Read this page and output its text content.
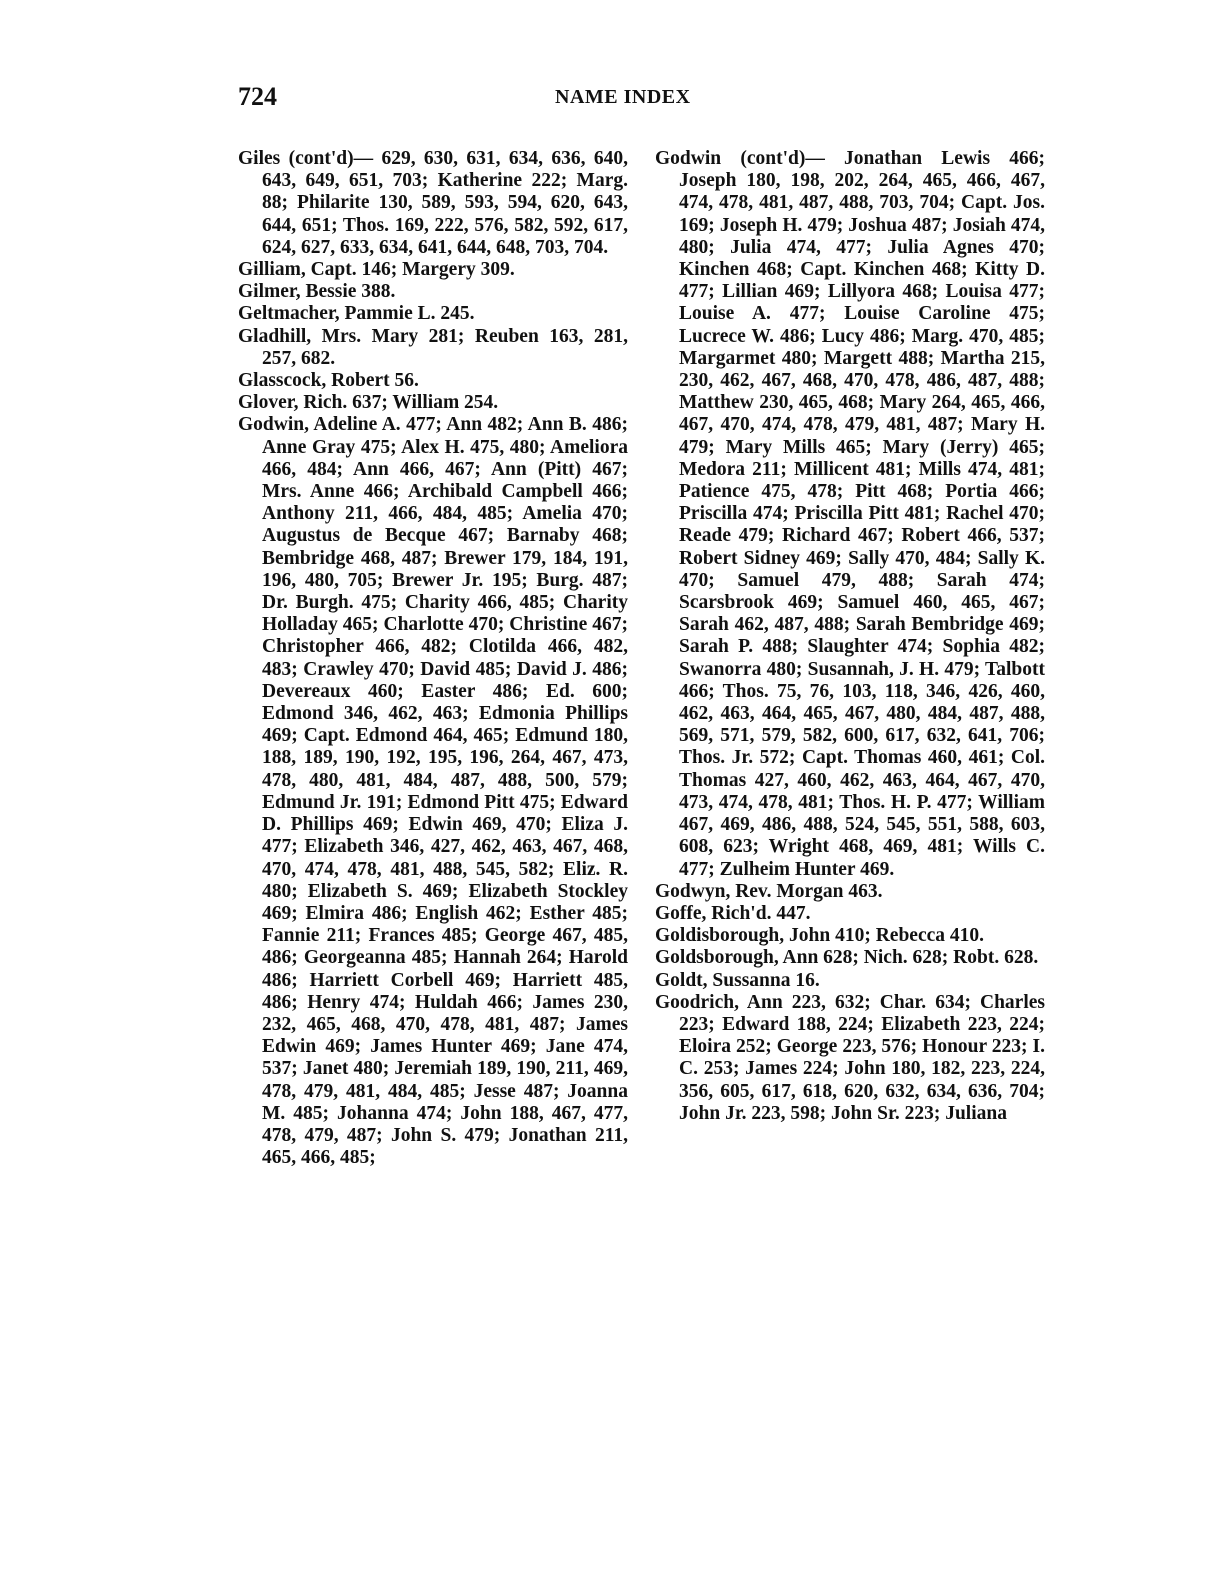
724	NAME INDEX
Giles (cont'd)— 629, 630, 631, 634, 636, 640, 643, 649, 651, 703; Katherine 222; Marg. 88; Philarite 130, 589, 593, 594, 620, 643, 644, 651; Thos. 169, 222, 576, 582, 592, 617, 624, 627, 633, 634, 641, 644, 648, 703, 704.
Gilliam, Capt. 146; Margery 309.
Gilmer, Bessie 388.
Geltmacher, Pammie L. 245.
Gladhill, Mrs. Mary 281; Reuben 163, 281, 257, 682.
Glasscock, Robert 56.
Glover, Rich. 637; William 254.
Godwin, Adeline A. 477; Ann 482; Ann B. 486; Anne Gray 475; Alex H. 475, 480; Ameliora 466, 484; Ann 466, 467; Ann (Pitt) 467; Mrs. Anne 466; Archibald Campbell 466; Anthony 211, 466, 484, 485; Amelia 470; Augustus de Becque 467; Barnaby 468; Bembridge 468, 487; Brewer 179, 184, 191, 196, 480, 705; Brewer Jr. 195; Burg. 487; Dr. Burgh. 475; Charity 466, 485; Charity Holladay 465; Charlotte 470; Christine 467; Christopher 466, 482; Clotilda 466, 482, 483; Crawley 470; David 485; David J. 486; Devereaux 460; Easter 486; Ed. 600; Edmond 346, 462, 463; Edmonia Phillips 469; Capt. Edmond 464, 465; Edmund 180, 188, 189, 190, 192, 195, 196, 264, 467, 473, 478, 480, 481, 484, 487, 488, 500, 579; Edmund Jr. 191; Edmond Pitt 475; Edward D. Phillips 469; Edwin 469, 470; Eliza J. 477; Elizabeth 346, 427, 462, 463, 467, 468, 470, 474, 478, 481, 488, 545, 582; Eliz. R. 480; Elizabeth S. 469; Elizabeth Stockley 469; Elmira 486; English 462; Esther 485; Fannie 211; Frances 485; George 467, 485, 486; Georgeanna 485; Hannah 264; Harold 486; Harriett Corbell 469; Harriett 485, 486; Henry 474; Huldah 466; James 230, 232, 465, 468, 470, 478, 481, 487; James Edwin 469; James Hunter 469; Jane 474, 537; Janet 480; Jeremiah 189, 190, 211, 469, 478, 479, 481, 484, 485; Jesse 487; Joanna M. 485; Johanna 474; John 188, 467, 477, 478, 479, 487; John S. 479; Jonathan 211, 465, 466, 485;
Godwin (cont'd)— Jonathan Lewis 466; Joseph 180, 198, 202, 264, 465, 466, 467, 474, 478, 481, 487, 488, 703, 704; Capt. Jos. 169; Joseph H. 479; Joshua 487; Josiah 474, 480; Julia 474, 477; Julia Agnes 470; Kinchen 468; Capt. Kinchen 468; Kitty D. 477; Lillian 469; Lillyora 468; Louisa 477; Louise A. 477; Louise Caroline 475; Lucrece W. 486; Lucy 486; Marg. 470, 485; Margarmet 480; Margett 488; Martha 215, 230, 462, 467, 468, 470, 478, 486, 487, 488; Matthew 230, 465, 468; Mary 264, 465, 466, 467, 470, 474, 478, 479, 481, 487; Mary H. 479; Mary Mills 465; Mary (Jerry) 465; Medora 211; Millicent 481; Mills 474, 481; Patience 475, 478; Pitt 468; Portia 466; Priscilla 474; Priscilla Pitt 481; Rachel 470; Reade 479; Richard 467; Robert 466, 537; Robert Sidney 469; Sally 470, 484; Sally K. 470; Samuel 479, 488; Sarah 474; Scarsbrook 469; Samuel 460, 465, 467; Sarah 462, 487, 488; Sarah Bembridge 469; Sarah P. 488; Slaughter 474; Sophia 482; Swanorra 480; Susannah, J. H. 479; Talbott 466; Thos. 75, 76, 103, 118, 346, 426, 460, 462, 463, 464, 465, 467, 480, 484, 487, 488, 569, 571, 579, 582, 600, 617, 632, 641, 706; Thos. Jr. 572; Capt. Thomas 460, 461; Col. Thomas 427, 460, 462, 463, 464, 467, 470, 473, 474, 478, 481; Thos. H. P. 477; William 467, 469, 486, 488, 524, 545, 551, 588, 603, 608, 623; Wright 468, 469, 481; Wills C. 477; Zulheim Hunter 469.
Godwyn, Rev. Morgan 463.
Goffe, Rich'd. 447.
Goldisborough, John 410; Rebecca 410.
Goldsborough, Ann 628; Nich. 628; Robt. 628.
Goldt, Sussanna 16.
Goodrich, Ann 223, 632; Char. 634; Charles 223; Edward 188, 224; Elizabeth 223, 224; Eloira 252; George 223, 576; Honour 223; I. C. 253; James 224; John 180, 182, 223, 224, 356, 605, 617, 618, 620, 632, 634, 636, 704; John Jr. 223, 598; John Sr. 223; Juliana
